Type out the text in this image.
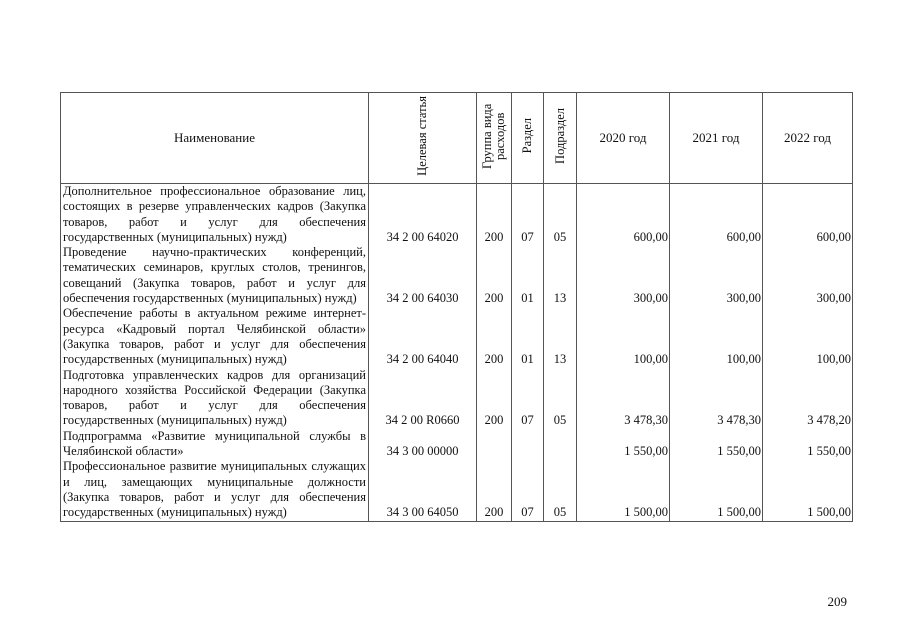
Наименование	Целевая статья	Группа вида расходов	Раздел	Подраздел	2020 год	2021 год	2022 год
Дополнительное профессиональное образование лиц, состоящих в резерве управленческих кадров (Закупка товаров, работ и услуг для обеспечения государственных (муниципальных) нужд)	34 2 00 64020	200	07	05	600,00	600,00	600,00
Проведение научно-практических конференций, тематических семинаров, круглых столов, тренингов, совещаний (Закупка товаров, работ и услуг для обеспечения государственных (муниципальных) нужд)	34 2 00 64030	200	01	13	300,00	300,00	300,00
Обеспечение работы в актуальном режиме интернет-ресурса «Кадровый портал Челябинской области» (Закупка товаров, работ и услуг для обеспечения государственных (муниципальных) нужд)	34 2 00 64040	200	01	13	100,00	100,00	100,00
Подготовка управленческих кадров для организаций народного хозяйства Российской Федерации (Закупка товаров, работ и услуг для обеспечения государственных (муниципальных) нужд)	34 2 00 R0660	200	07	05	3 478,30	3 478,30	3 478,20
Подпрограмма «Развитие муниципальной службы в Челябинской области»	34 3 00 00000				1 550,00	1 550,00	1 550,00
Профессиональное развитие муниципальных служащих и лиц, замещающих муниципальные должности (Закупка товаров, работ и услуг для обеспечения государственных (муниципальных) нужд)	34 3 00 64050	200	07	05	1 500,00	1 500,00	1 500,00
209
